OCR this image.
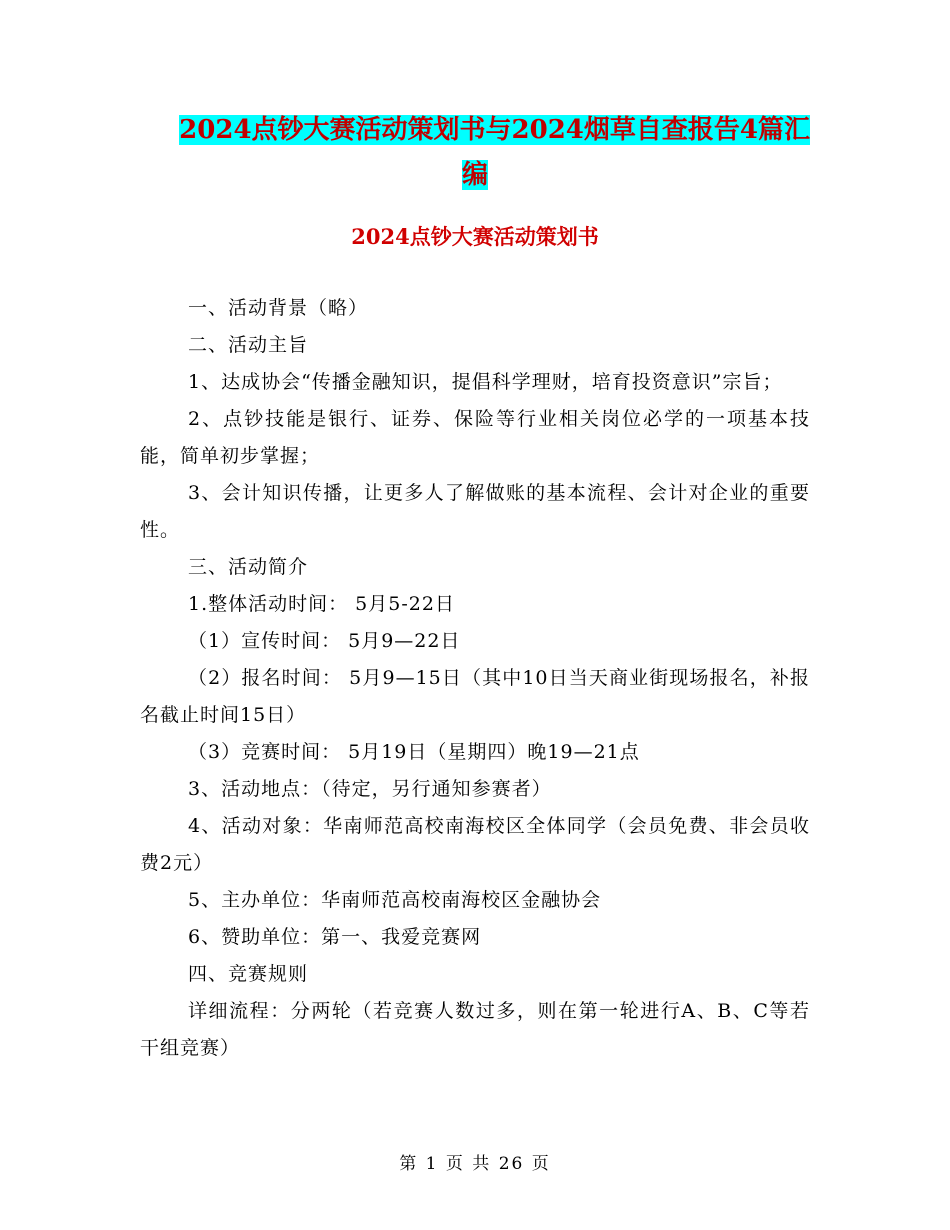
2024点钞大赛活动策划书与2024烟草自查报告4篇汇
编
2024点钞大赛活动策划书

一、活动背景（略）

二、活动主旨

1、达成协会“传播金融知识，提倡科学理财，培育投资意识”宗旨；

2、点钞技能是银行、证券、保险等行业相关岗位必学的一项基本技能，简单初步掌握；

3、会计知识传播，让更多人了解做账的基本流程、会计对企业的重要性。

三、活动简介

1.整体活动时间： 5月5-22日

（1）宣传时间： 5月9—22日

（2）报名时间： 5月9—15日（其中10日当天商业街现场报名，补报名截止时间15日）

（3）竞赛时间： 5月19日（星期四）晚19—21点

3、活动地点：（待定，另行通知参赛者）

4、活动对象：华南师范高校南海校区全体同学（会员免费、非会员收费2元）

5、主办单位：华南师范高校南海校区金融协会

6、赞助单位：第一、我爱竞赛网

四、竞赛规则

详细流程：分两轮（若竞赛人数过多，则在第一轮进行A、B、C等若干组竞赛）

第 1 页 共 26 页
